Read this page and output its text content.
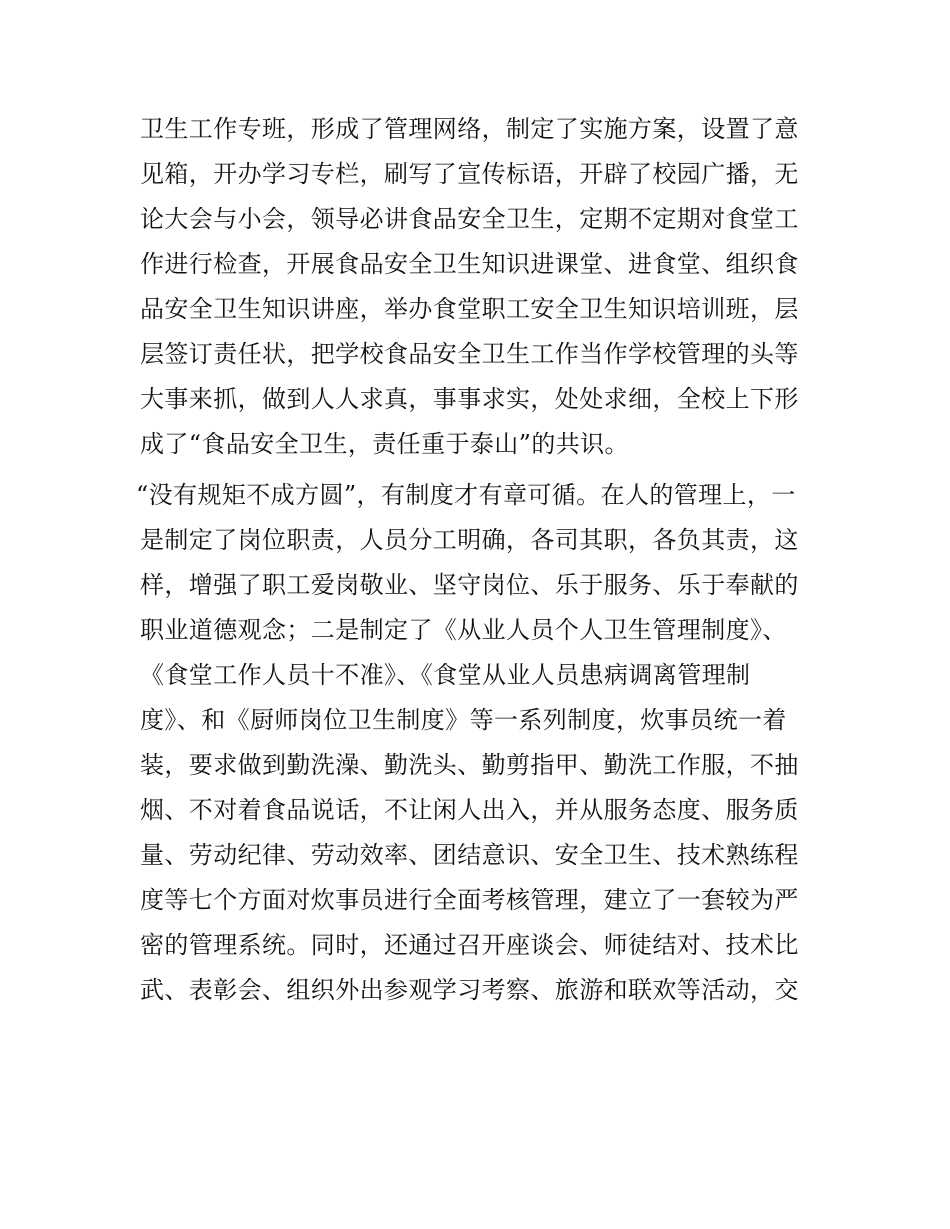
卫生工作专班，形成了管理网络，制定了实施方案，设置了意
见箱，开办学习专栏，刷写了宣传标语，开辟了校园广播，无
论大会与小会，领导必讲食品安全卫生，定期不定期对食堂工
作进行检查，开展食品安全卫生知识进课堂、进食堂、组织食
品安全卫生知识讲座，举办食堂职工安全卫生知识培训班，层
层签订责任状，把学校食品安全卫生工作当作学校管理的头等
大事来抓，做到人人求真，事事求实，处处求细，全校上下形
成了“食品安全卫生，责任重于泰山”的共识。
“没有规矩不成方圆”，有制度才有章可循。在人的管理上，一
是制定了岗位职责，人员分工明确，各司其职，各负其责，这
样，增强了职工爱岗敬业、坚守岗位、乐于服务、乐于奉献的
职业道德观念；二是制定了《从业人员个人卫生管理制度》、
《食堂工作人员十不准》、《食堂从业人员患病调离管理制
度》、和《厨师岗位卫生制度》等一系列制度，炊事员统一着
装，要求做到勤洗澡、勤洗头、勤剪指甲、勤洗工作服，不抽
烟、不对着食品说话，不让闲人出入，并从服务态度、服务质
量、劳动纪律、劳动效率、团结意识、安全卫生、技术熟练程
度等七个方面对炊事员进行全面考核管理，建立了一套较为严
密的管理系统。同时，还通过召开座谈会、师徒结对、技术比
武、表彰会、组织外出参观学习考察、旅游和联欢等活动，交
